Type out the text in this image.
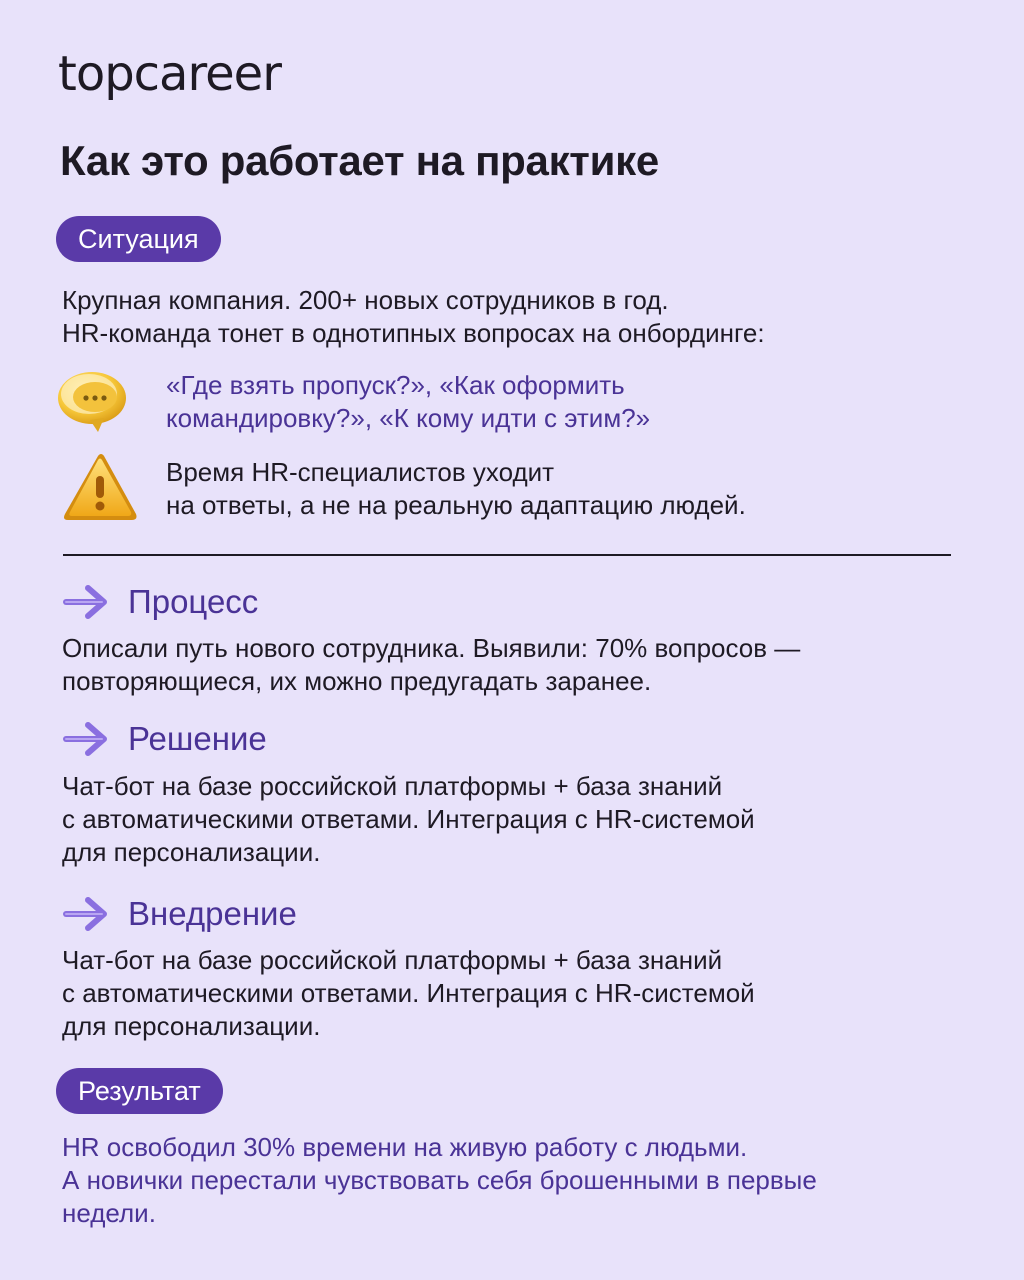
topcareer
Как это работает на практике
Ситуация
Крупная компания. 200+ новых сотрудников в год.
HR-команда тонет в однотипных вопросах на онбординге:
«Где взять пропуск?», «Как оформить
командировку?», «К кому идти с этим?»
Время HR-специалистов уходит
на ответы, а не на реальную адаптацию людей.
Процесс
Описали путь нового сотрудника. Выявили: 70% вопросов —
повторяющиеся, их можно предугадать заранее.
Решение
Чат-бот на базе российской платформы + база знаний
с автоматическими ответами. Интеграция с HR-системой
для персонализации.
Внедрение
Чат-бот на базе российской платформы + база знаний
с автоматическими ответами. Интеграция с HR-системой
для персонализации.
Результат
HR освободил 30% времени на живую работу с людьми.
А новички перестали чувствовать себя брошенными в первые
недели.
